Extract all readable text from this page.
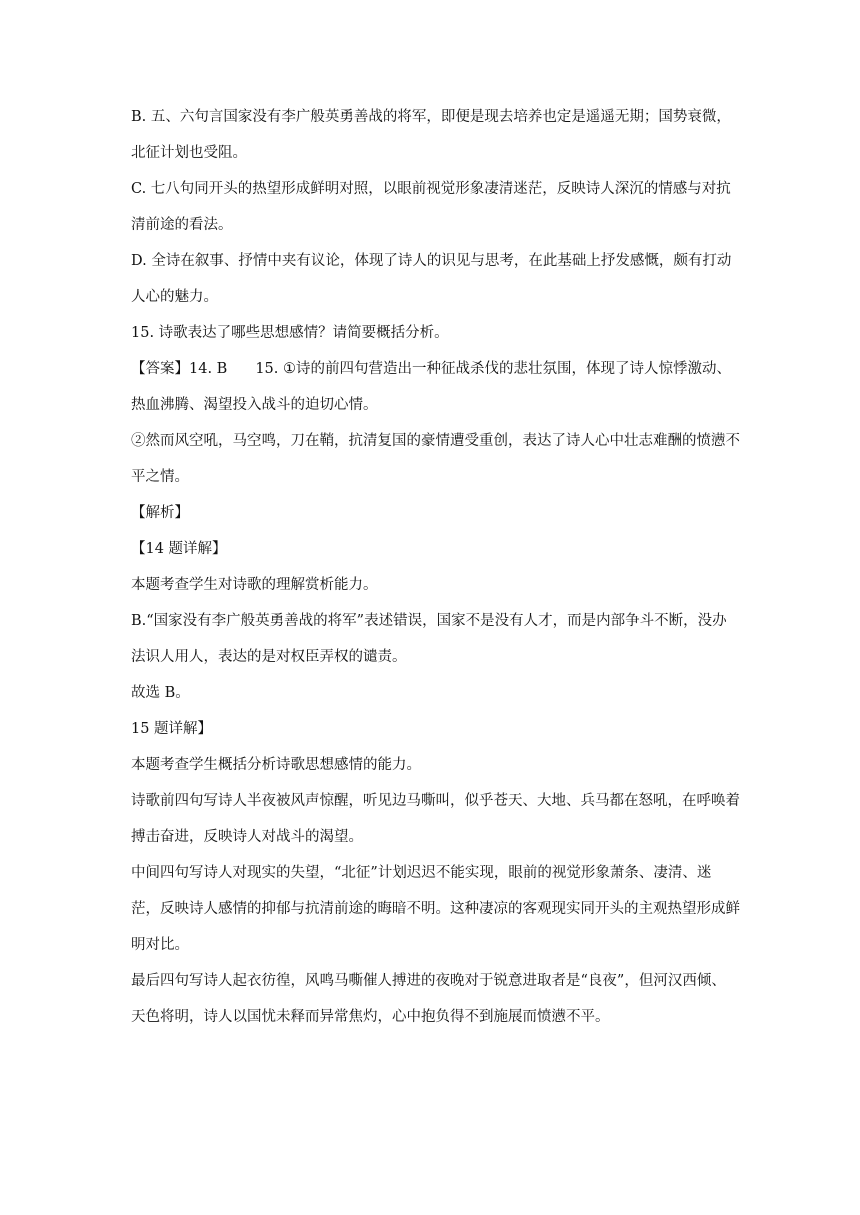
B. 五、六句言国家没有李广般英勇善战的将军，即便是现去培养也定是遥遥无期；国势衰微，北征计划也受阻。

C. 七八句同开头的热望形成鲜明对照，以眼前视觉形象凄清迷茫，反映诗人深沉的情感与对抗清前途的看法。

D. 全诗在叙事、抒情中夹有议论，体现了诗人的识见与思考，在此基础上抒发感慨，颇有打动人心的魅力。

15. 诗歌表达了哪些思想感情？请简要概括分析。

【答案】14. B 15. ①诗的前四句营造出一种征战杀伐的悲壮氛围，体现了诗人惊悸激动、热血沸腾、渴望投入战斗的迫切心情。

②然而风空吼，马空鸣，刀在鞘，抗清复国的豪情遭受重创，表达了诗人心中壮志难酬的愤懑不平之情。

【解析】

【14 题详解】

本题考查学生对诗歌的理解赏析能力。

B.“国家没有李广般英勇善战的将军”表述错误，国家不是没有人才，而是内部争斗不断，没办法识人用人，表达的是对权臣弄权的谴责。

故选 B。

15 题详解】

本题考查学生概括分析诗歌思想感情的能力。

诗歌前四句写诗人半夜被风声惊醒，听见边马嘶叫，似乎苍天、大地、兵马都在怒吼，在呼唤着搏击奋进，反映诗人对战斗的渴望。

中间四句写诗人对现实的失望，“北征”计划迟迟不能实现，眼前的视觉形象萧条、凄清、迷茫，反映诗人感情的抑郁与抗清前途的晦暗不明。这种凄凉的客观现实同开头的主观热望形成鲜明对比。

最后四句写诗人起衣彷徨，风鸣马嘶催人搏进的夜晚对于锐意进取者是“良夜”，但河汉西倾、天色将明，诗人以国忧未释而异常焦灼，心中抱负得不到施展而愤懑不平。
